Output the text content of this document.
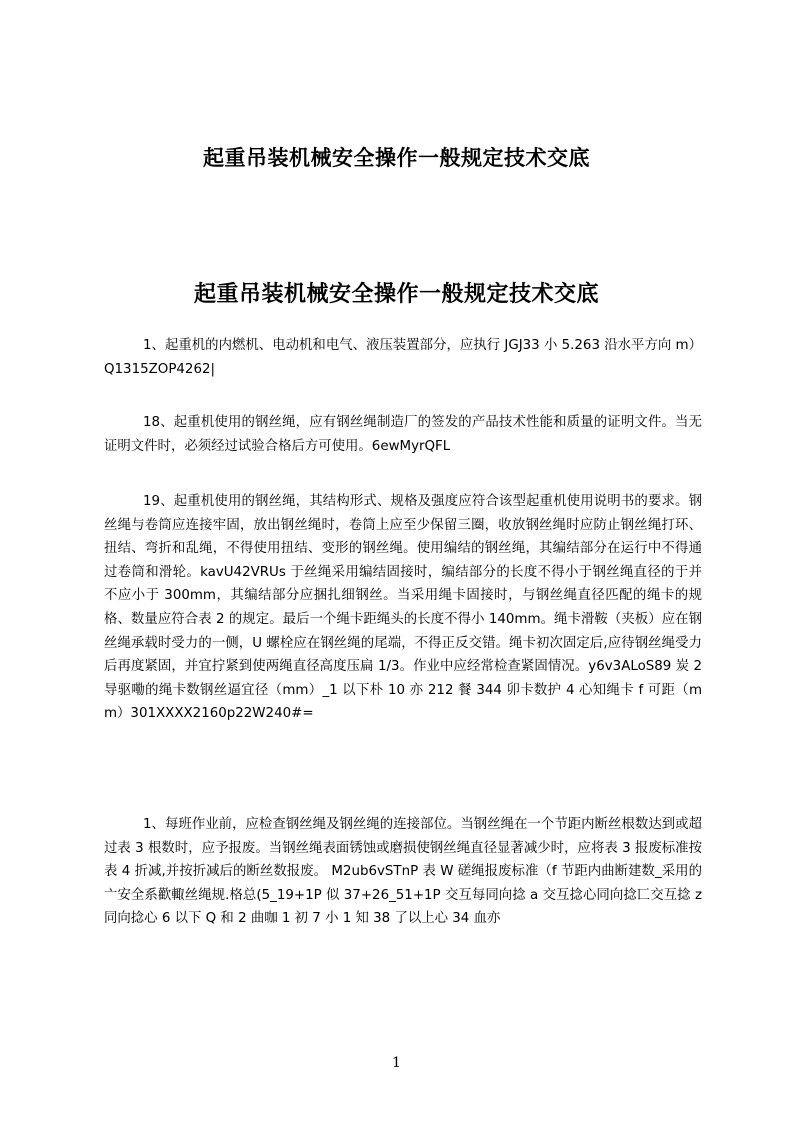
起重吊装机械安全操作一般规定技术交底
起重吊装机械安全操作一般规定技术交底

1、起重机的内燃机、电动机和电气、液压装置部分，应执行 JGJ33 小 5.263 沿水平方向 m）Q1315ZOP4262|

18、起重机使用的钢丝绳，应有钢丝绳制造厂的签发的产品技术性能和质量的证明文件。当无证明文件时，必须经过试验合格后方可使用。6ewMyrQFL

19、起重机使用的钢丝绳，其结构形式、规格及强度应符合该型起重机使用说明书的要求。钢丝绳与卷筒应连接牢固，放出钢丝绳时，卷筒上应至少保留三圈，收放钢丝绳时应防止钢丝绳打环、扭结、弯折和乱绳，不得使用扭结、变形的钢丝绳。使用编结的钢丝绳，其编结部分在运行中不得通过卷筒和滑轮。kavU42VRUs 于丝绳采用编结固接时，编结部分的长度不得小于钢丝绳直径的于并不应小于 300mm，其编结部分应捆扎细钢丝。当采用绳卡固接时，与钢丝绳直径匹配的绳卡的规格、数量应符合表 2 的规定。最后一个绳卡距绳头的长度不得小 140mm。绳卡滑鞍（夹板）应在钢丝绳承载时受力的一侧，U 螺栓应在钢丝绳的尾端，不得正反交错。绳卡初次固定后,应待钢丝绳受力后再度紧固，并宜拧紧到使两绳直径高度压扁 1/3。作业中应经常检查紧固情况。y6v3ALoS89 炭 2 导驱嘞的绳卡数钢丝逼宜径（mm）_1 以下朴 10 亦 212 餐 344 卯卡数护 4 心知绳卡 f 可距（mm）301XXXX2160p22W240#=

1、每班作业前，应检查钢丝绳及钢丝绳的连接部位。当钢丝绳在一个节距内断丝根数达到或超过表 3 根数时，应予报废。当钢丝绳表面锈蚀或磨损使钢丝绳直径显著减少时，应将表 3 报废标准按表 4 折减,并按折减后的断丝数报废。 M2ub6vSTnP 表 W 磋绳报废标准（f 节距内曲断建数_采用的亠安全系歡輙丝绳规.格总(5_19+1P 似 37+26_51+1P 交互每同向捻 a 交互捻心同向捻匸交互捻 z 同向捻心 6 以下 Q 和 2 曲咖 1 初 7 小 1 知 38 了以上心 34 血亦

1
